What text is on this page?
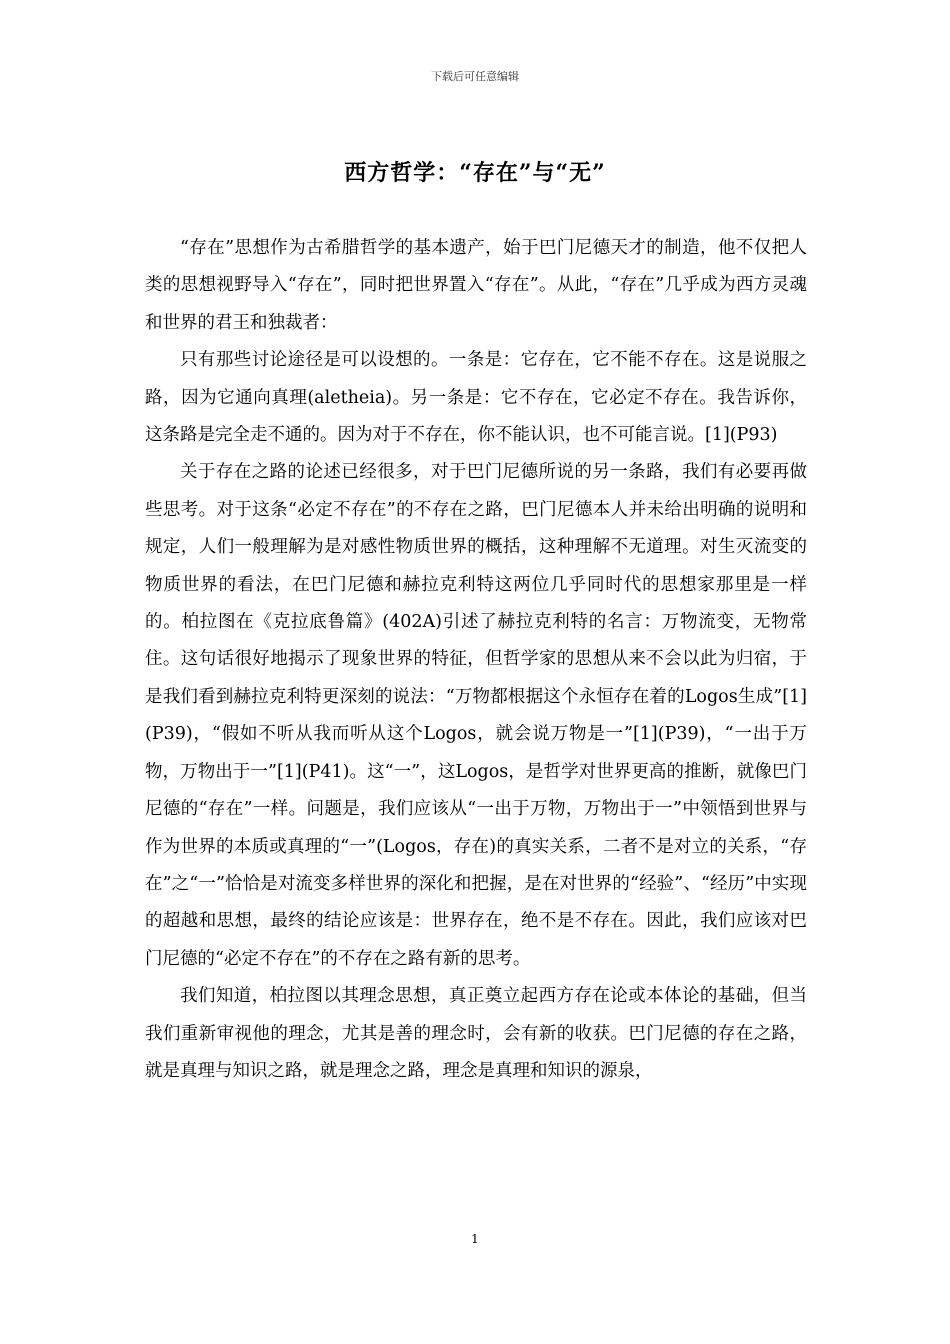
下载后可任意编辑
西方哲学：“存在”与“无”

“存在”思想作为古希腊哲学的基本遗产，始于巴门尼德天才的制造，他不仅把人类的思想视野导入“存在”，同时把世界置入“存在”。从此，“存在”几乎成为西方灵魂和世界的君王和独裁者：

只有那些讨论途径是可以设想的。一条是：它存在，它不能不存在。这是说服之路，因为它通向真理(aletheia)。另一条是：它不存在，它必定不存在。我告诉你，这条路是完全走不通的。因为对于不存在，你不能认识，也不可能言说。[1](P93)

关于存在之路的论述已经很多，对于巴门尼德所说的另一条路，我们有必要再做些思考。对于这条“必定不存在”的不存在之路，巴门尼德本人并未给出明确的说明和规定，人们一般理解为是对感性物质世界的概括，这种理解不无道理。对生灭流变的物质世界的看法，在巴门尼德和赫拉克利特这两位几乎同时代的思想家那里是一样的。柏拉图在《克拉底鲁篇》(402A)引述了赫拉克利特的名言：万物流变，无物常住。这句话很好地揭示了现象世界的特征，但哲学家的思想从来不会以此为归宿，于是我们看到赫拉克利特更深刻的说法：“万物都根据这个永恒存在着的Logos生成”[1](P39)，“假如不听从我而听从这个Logos，就会说万物是一”[1](P39)，“一出于万物，万物出于一”[1](P41)。这“一”，这Logos，是哲学对世界更高的推断，就像巴门尼德的“存在”一样。问题是，我们应该从“一出于万物，万物出于一”中领悟到世界与作为世界的本质或真理的“一”(Logos，存在)的真实关系，二者不是对立的关系，“存在”之“一”恰恰是对流变多样世界的深化和把握，是在对世界的“经验”、“经历”中实现的超越和思想，最终的结论应该是：世界存在，绝不是不存在。因此，我们应该对巴门尼德的“必定不存在”的不存在之路有新的思考。

我们知道，柏拉图以其理念思想，真正奠立起西方存在论或本体论的基础，但当我们重新审视他的理念，尤其是善的理念时，会有新的收获。巴门尼德的存在之路，就是真理与知识之路，就是理念之路，理念是真理和知识的源泉，

1
